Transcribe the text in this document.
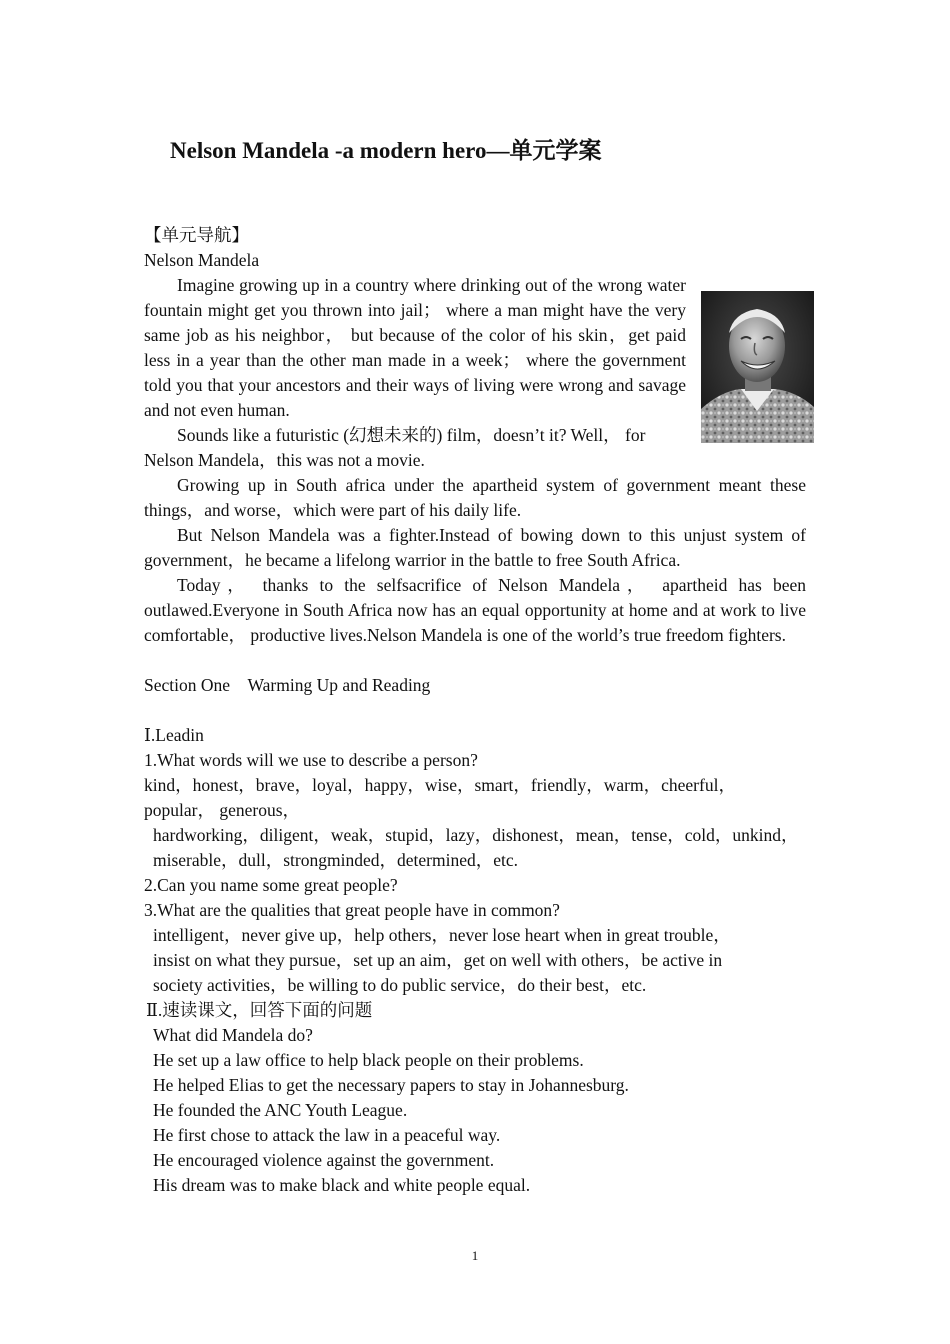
Nelson Mandela -a modern hero—单元学案
【单元导航】
Nelson Mandela
Imagine growing up in a country where drinking out of the wrong water fountain might get you thrown into jail； where a man might have the very same job as his neighbor， but because of the color of his skin，get paid less in a year than the other man made in a week； where the government told you that your ancestors and their ways of living were wrong and savage and not even human.
Sounds like a futuristic (幻想未来的) film，doesn’t it? Well， for Nelson Mandela，this was not a movie.
Growing up in South africa under the apartheid system of government meant these things，and worse，which were part of his daily life.
But Nelson Mandela was a fighter.Instead of bowing down to this unjust system of government，he became a lifelong warrior in the battle to free South Africa.
Today， thanks to the selfsacrifice of Nelson Mandela， apartheid has been outlawed.Everyone in South Africa now has an equal opportunity at home and at work to live comfortable， productive lives.Nelson Mandela is one of the world’s true freedom fighters.
Section One　Warming Up and Reading
Ⅰ.Leadin
1.What words will we use to describe a person?
kind，honest，brave，loyal，happy，wise，smart，friendly，warm，cheerful，popular， generous，
hardworking，diligent，weak，stupid，lazy，dishonest，mean，tense，cold，unkind，
miserable，dull，strongminded，determined，etc.
2.Can you name some great people?
3.What are the qualities that great people have in common?
intelligent，never give up，help others，never lose heart when in great trouble，
insist on what they pursue，set up an aim，get on well with others，be active in
society activities，be willing to do public service，do their best，etc.
Ⅱ.速读课文，回答下面的问题
What did Mandela do?
He set up a law office to help black people on their problems.
He helped Elias to get the necessary papers to stay in Johannesburg.
He founded the ANC Youth League.
He first chose to attack the law in a peaceful way.
He encouraged violence against the government.
His dream was to make black and white people equal.
1
